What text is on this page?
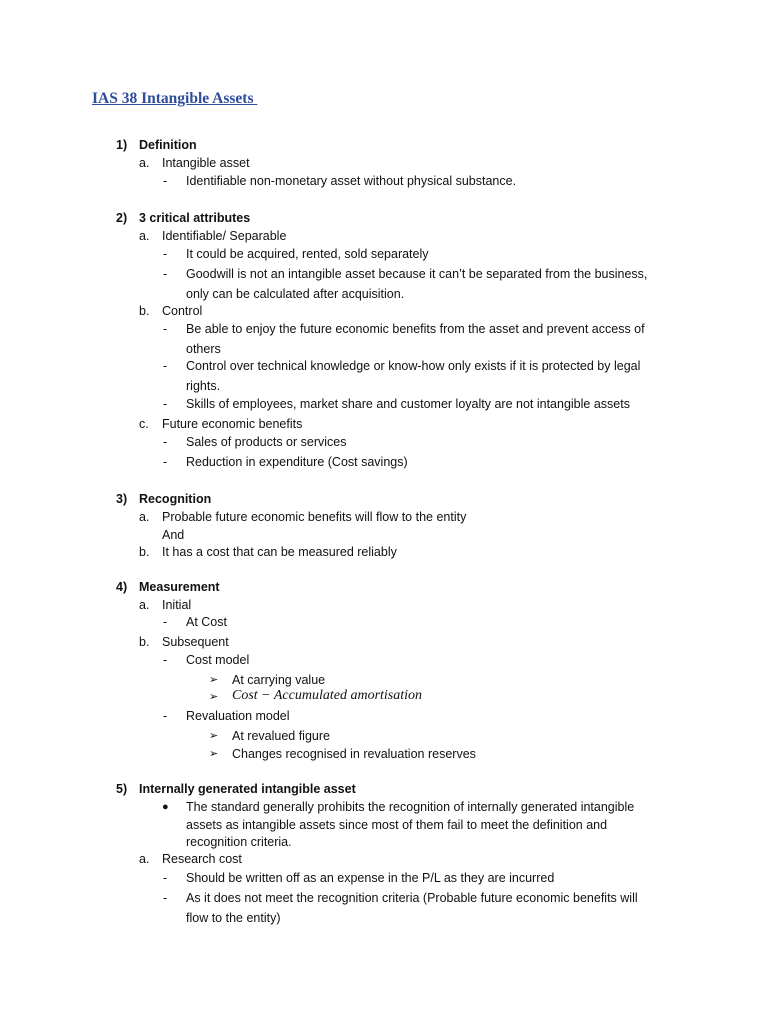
IAS 38 Intangible Assets
1) Definition
a. Intangible asset
- Identifiable non-monetary asset without physical substance.
2) 3 critical attributes
a. Identifiable/ Separable
- It could be acquired, rented, sold separately
- Goodwill is not an intangible asset because it can’t be separated from the business,
only can be calculated after acquisition.
b. Control
- Be able to enjoy the future economic benefits from the asset and prevent access of
others
- Control over technical knowledge or know-how only exists if it is protected by legal
rights.
- Skills of employees, market share and customer loyalty are not intangible assets
c. Future economic benefits
- Sales of products or services
- Reduction in expenditure (Cost savings)
3) Recognition
a. Probable future economic benefits will flow to the entity
And
b. It has a cost that can be measured reliably
4) Measurement
a. Initial
- At Cost
b. Subsequent
- Cost model
➢ At carrying value
➢ Cost − Accumulated amortisation
- Revaluation model
➢ At revalued figure
➢ Changes recognised in revaluation reserves
5) Internally generated intangible asset
● The standard generally prohibits the recognition of internally generated intangible
assets as intangible assets since most of them fail to meet the definition and
recognition criteria.
a. Research cost
- Should be written off as an expense in the P/L as they are incurred
- As it does not meet the recognition criteria (Probable future economic benefits will
flow to the entity)
